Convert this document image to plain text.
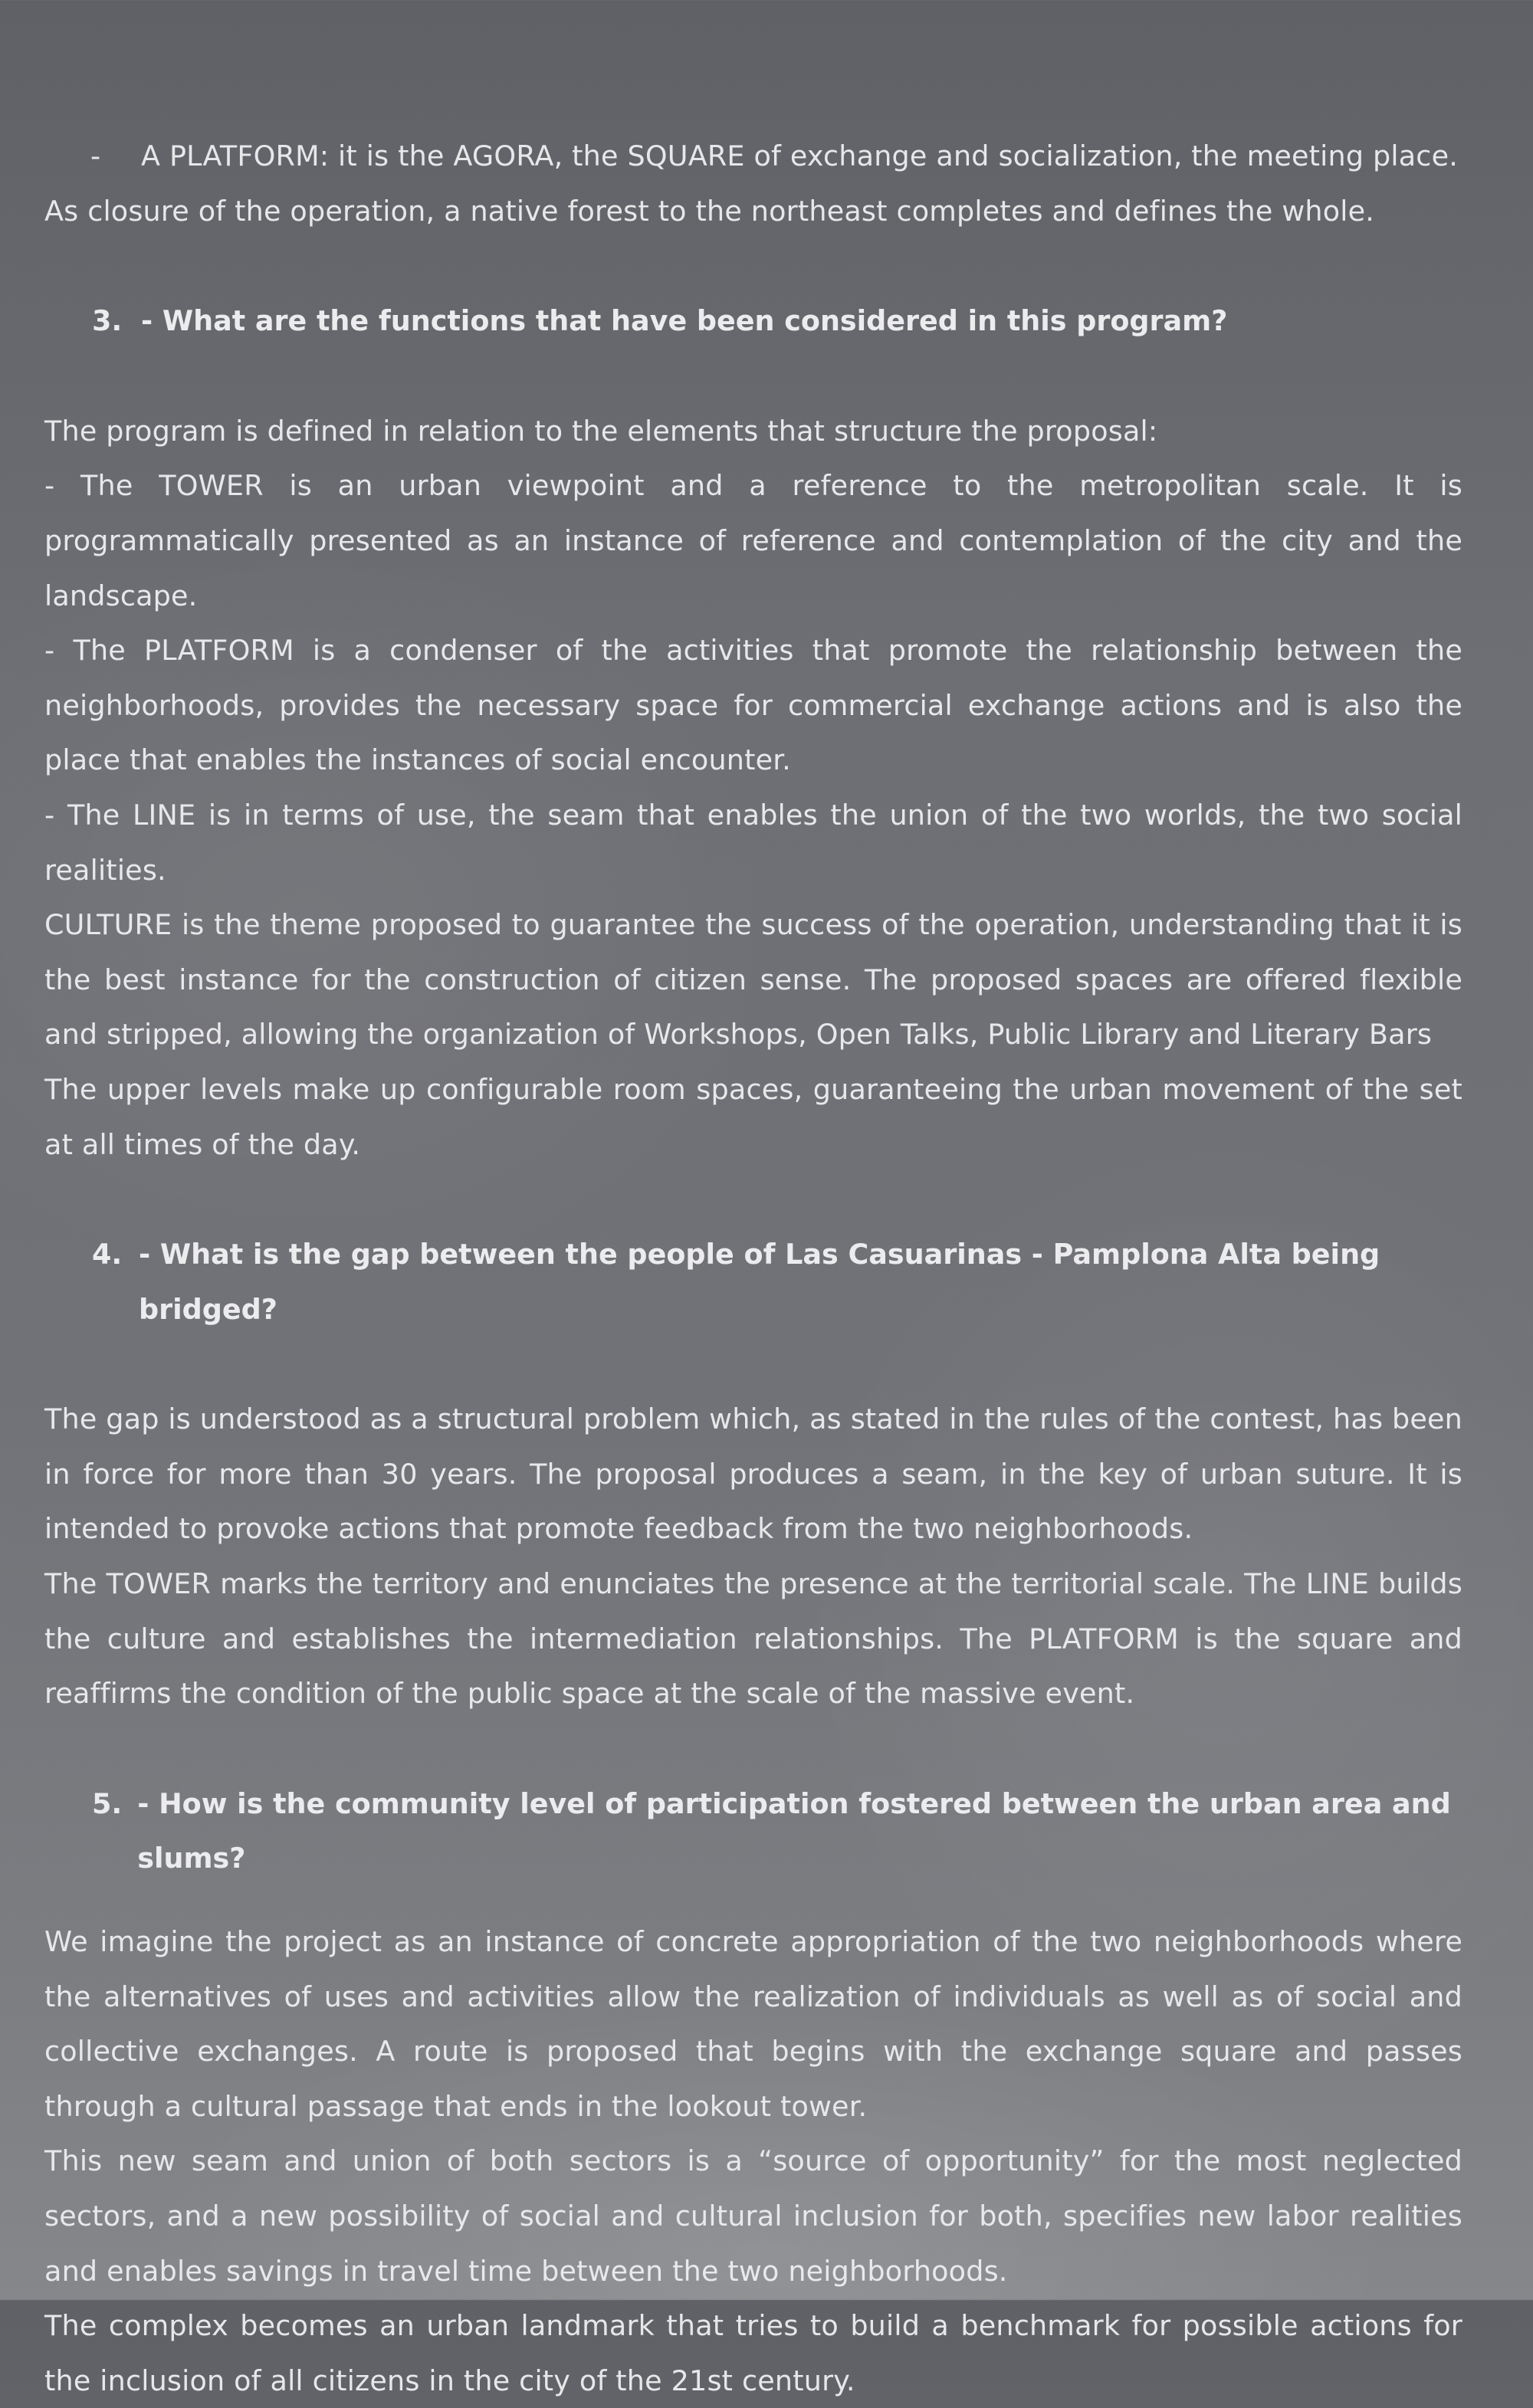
-	A PLATFORM: it is the AGORA, the SQUARE of exchange and socialization, the meeting place.

As closure of the operation, a native forest to the northeast completes and defines the whole.

3. - What are the functions that have been considered in this program?

The program is defined in relation to the elements that structure the proposal:

- The TOWER is an urban viewpoint and a reference to the metropolitan scale. It is programmatically presented as an instance of reference and contemplation of the city and the landscape.

- The PLATFORM is a condenser of the activities that promote the relationship between the neighborhoods, provides the necessary space for commercial exchange actions and is also the place that enables the instances of social encounter.

- The LINE is in terms of use, the seam that enables the union of the two worlds, the two social realities.

CULTURE is the theme proposed to guarantee the success of the operation, understanding that it is the best instance for the construction of citizen sense. The proposed spaces are offered flexible and stripped, allowing the organization of Workshops, Open Talks, Public Library and Literary Bars

The upper levels make up configurable room spaces, guaranteeing the urban movement of the set at all times of the day.

4. - What is the gap between the people of Las Casuarinas - Pamplona Alta being bridged?

The gap is understood as a structural problem which, as stated in the rules of the contest, has been in force for more than 30 years. The proposal produces a seam, in the key of urban suture. It is intended to provoke actions that promote feedback from the two neighborhoods.

The TOWER marks the territory and enunciates the presence at the territorial scale. The LINE builds the culture and establishes the intermediation relationships. The PLATFORM is the square and reaffirms the condition of the public space at the scale of the massive event.

5. - How is the community level of participation fostered between the urban area and slums?

We imagine the project as an instance of concrete appropriation of the two neighborhoods where the alternatives of uses and activities allow the realization of individuals as well as of social and collective exchanges. A route is proposed that begins with the exchange square and passes through a cultural passage that ends in the lookout tower.

This new seam and union of both sectors is a “source of opportunity” for the most neglected sectors, and a new possibility of social and cultural inclusion for both, specifies new labor realities and enables savings in travel time between the two neighborhoods.

The complex becomes an urban landmark that tries to build a benchmark for possible actions for the inclusion of all citizens in the city of the 21st century.
